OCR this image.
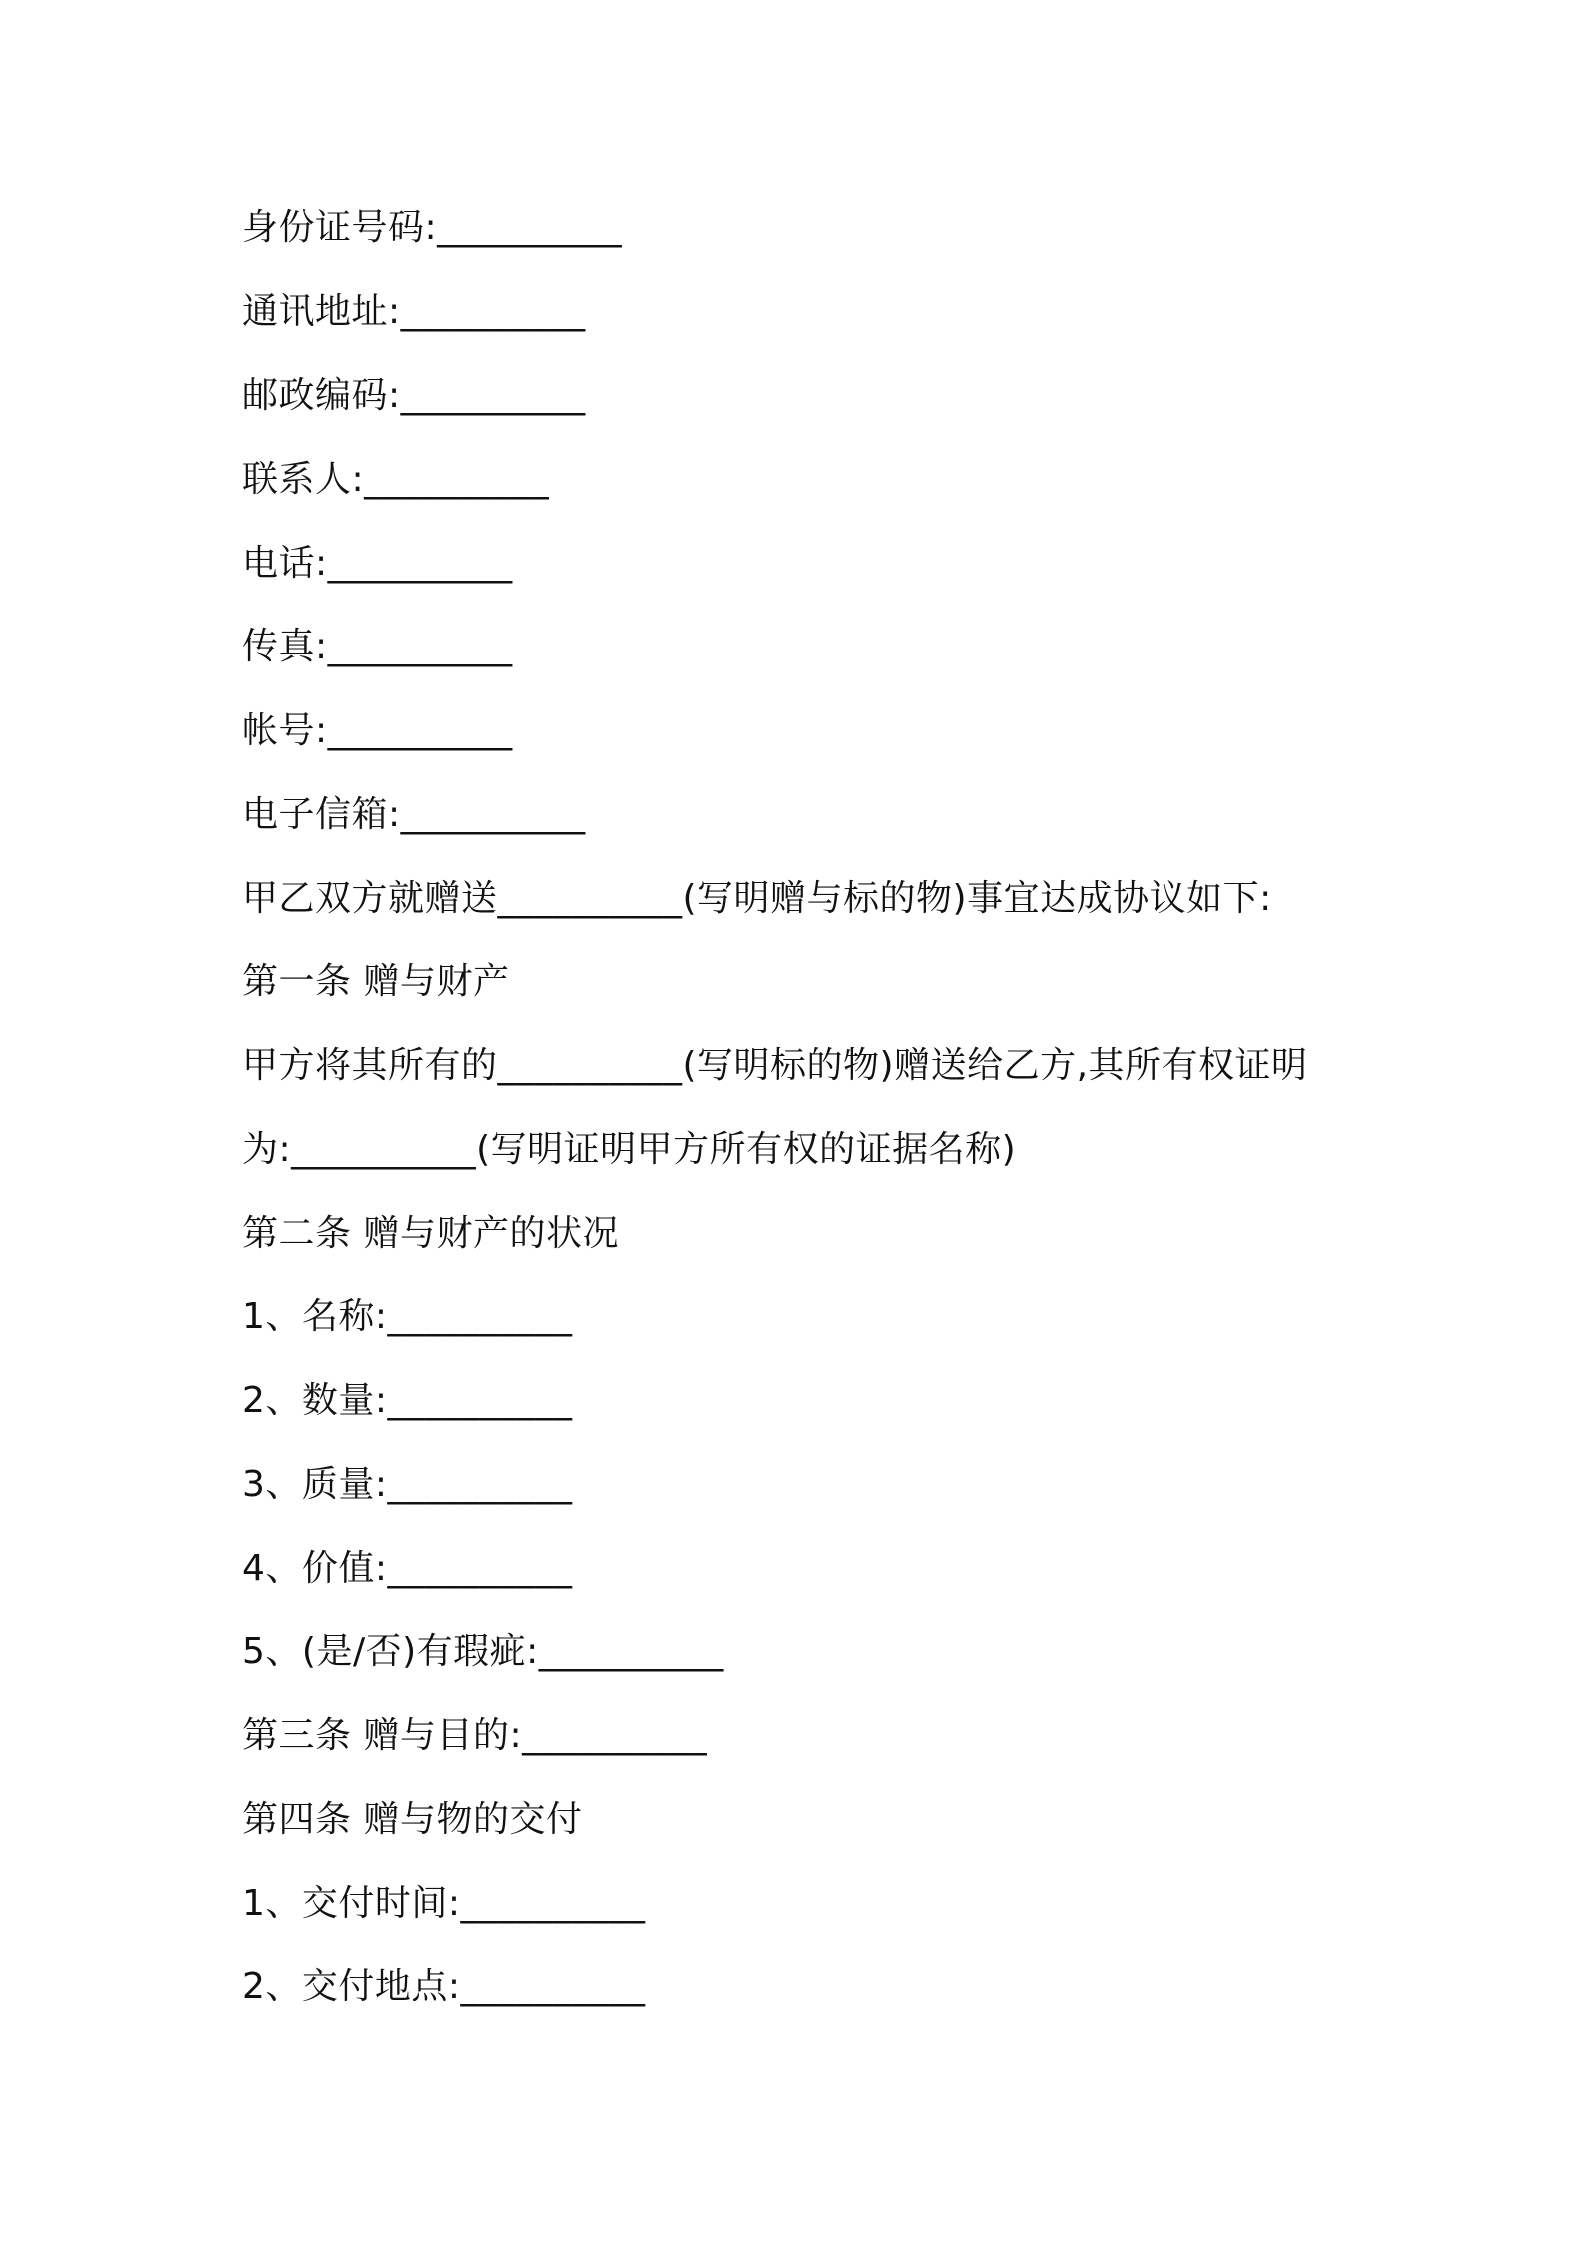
身份证号码:__________
通讯地址:__________
邮政编码:__________
联系人:__________
电话:__________
传真:__________
帐号:__________
电子信箱:__________
甲乙双方就赠送__________(写明赠与标的物)事宜达成协议如下:
第一条 赠与财产
甲方将其所有的__________(写明标的物)赠送给乙方,其所有权证明
为:__________(写明证明甲方所有权的证据名称)
第二条 赠与财产的状况
1、名称:__________
2、数量:__________
3、质量:__________
4、价值:__________
5、(是/否)有瑕疵:__________
第三条 赠与目的:__________
第四条 赠与物的交付
1、交付时间:__________
2、交付地点:__________
